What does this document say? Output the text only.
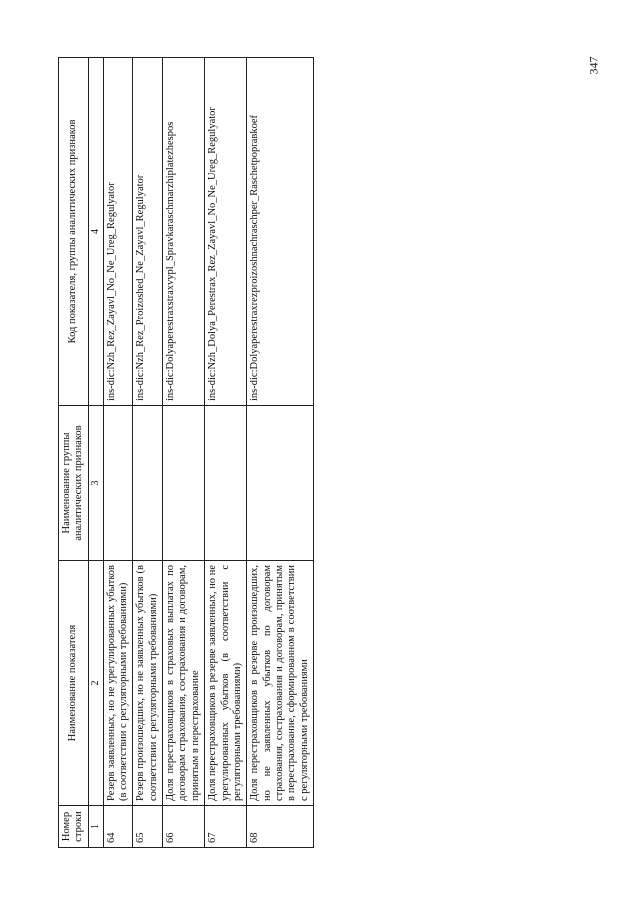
347
Номер строки	Наименование показателя	Наименование группы аналитических признаков	Код показателя, группы аналитических признаков
1	2	3	4
64	Резерв заявленных, но не урегулированных убытков (в соответствии с регуляторными требованиями)		ins-dic:Nzh_Rez_Zayavl_No_Ne_Ureg_Regulyator
65	Резерв произошедших, но не заявленных убытков (в соответствии с регуляторными требованиями)		ins-dic:Nzh_Rez_Proizoshed_Ne_Zayavl_Regulyator
66	Доля перестраховщиков в страховых выплатах по договорам страхования, сострахования и договорам, принятым в перестрахование		ins-dic:Dolyaperestraxstraxvypl_Spravkaraschmarzhiplatezhespos
67	Доля перестраховщиков в резерве заявленных, но не урегулированных убытков (в соответствии с регуляторными требованиями)		ins-dic:Nzh_Dolya_Perestrax_Rez_Zayavl_No_Ne_Ureg_Regulyator
68	Доля перестраховщиков в резерве произошедших, но не заявленных убытков по договорам страхования, сострахования и договорам, принятым в перестрахование, сформированном в соответствии с регуляторными требованиями		ins-dic:Dolyaperestraxrezproizoshnachraschper_Raschetpoprавkoef
